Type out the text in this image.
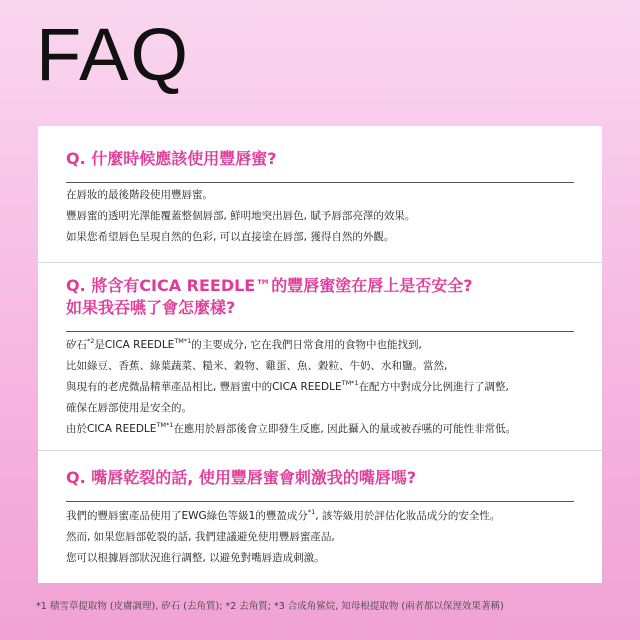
FAQ
Q. 什麼時候應該使用豐唇蜜?
在唇妝的最後階段使用豐唇蜜。
豐唇蜜的透明光澤能覆蓋整個唇部, 鮮明地突出唇色, 賦予唇部亮澤的效果。
如果您希望唇色呈現自然的色彩, 可以直接塗在唇部, 獲得自然的外觀。
Q. 將含有CICA REEDLE™的豐唇蜜塗在唇上是否安全?
如果我吞嚥了會怎麼樣?
矽石$^{*2}$是CICA $REEDLE^{TM*1}$的主要成分, 它在我們日常食用的食物中也能找到,
比如綠豆、香蕉、綠葉蔬菜、糙米、穀物、雞蛋、魚、穀粒、牛奶、水和鹽。當然,
與現有的老虎微晶精華產品相比, 豐唇蜜中的CICA $REEDLE^{TM*1}$在配方中對成分比例進行了調整,
確保在唇部使用是安全的。
由於CICA $REEDLE^{TM*1}$在應用於唇部後會立即發生反應, 因此攝入的量或被吞嚥的可能性非常低。
Q. 嘴唇乾裂的話, 使用豐唇蜜會刺激我的嘴唇嗎?
我們的豐唇蜜產品使用了EWG綠色等級1的豐盈成分$^{*1}$, 該等級用於評估化妝品成分的安全性。
然而, 如果您唇部乾裂的話, 我們建議避免使用豐唇蜜產品,
您可以根據唇部狀況進行調整, 以避免對嘴唇造成刺激。

*1 積雪草提取物 (皮膚調理), 矽石 (去角質); *2 去角質; *3 合成角鯊烷, 知母根提取物 (兩者都以保溼效果著稱)
